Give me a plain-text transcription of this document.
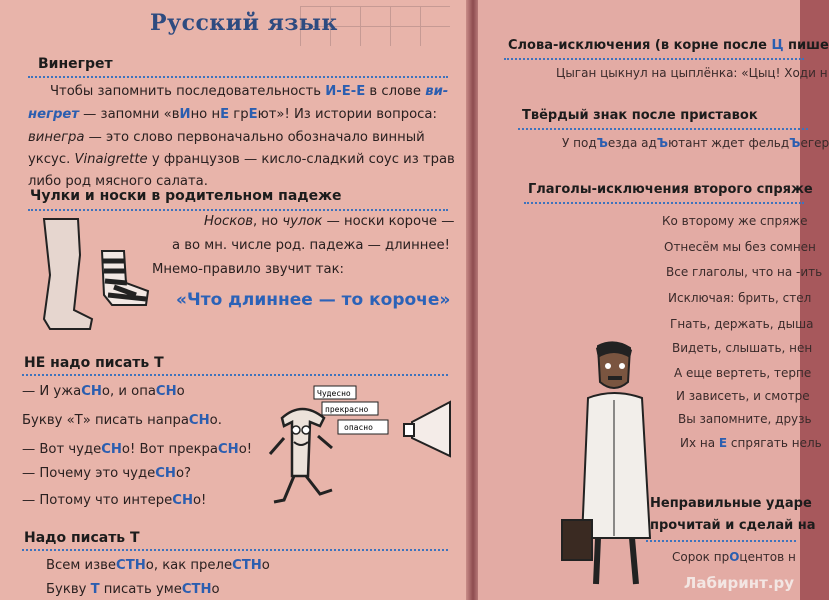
Русский язык
Винегрет
Чтобы запомнить последовательность И-Е-Е в слове ви-
негрет — запомни «вИно нЕ грЕют»! Из истории вопроса:
винегра — это слово первоначально обозначало винный
уксус. Vinaigrette у французов — кисло-сладкий соус из трав
либо род мясного салата.
Чулки и носки в родительном падеже
Носков, но чулок — носки короче —
а во мн. числе род. падежа — длиннее!
Мнемо-правило звучит так:
«Что длиннее — то короче»
НЕ надо писать Т
— И ужаСНо, и опаСНо
Букву «Т» писать напраСНо.
— Вот чудеСНо! Вот прекраСНо!
— Почему это чудеСНо?
— Потому что интереСНо!
Чудесно
прекрасно
опасно
Надо писать Т
Всем извеСТНо, как прелеСТНо
Букву Т писать умеСТНо
Слова-исключения (в корне после Ц пише
Цыган цыкнул на цыплёнка: «Цыц! Ходи н
Твёрдый знак после приставок
У подЪезда адЪютант ждет фельдЪегер
Глаголы-исключения второго спряже
Ко второму же спряже
Отнесём мы без сомнен
Все глаголы, что на -ить
Исключая: брить, стел
Гнать, держать, дыша
Видеть, слышать, нен
А еще вертеть, терпе
И зависеть, и смотре
Вы запомните, друзь
Их на Е спрягать нель
Неправильные ударе
прочитай и сделай на
Сорок прОцентов н
Лабиринт.ру
